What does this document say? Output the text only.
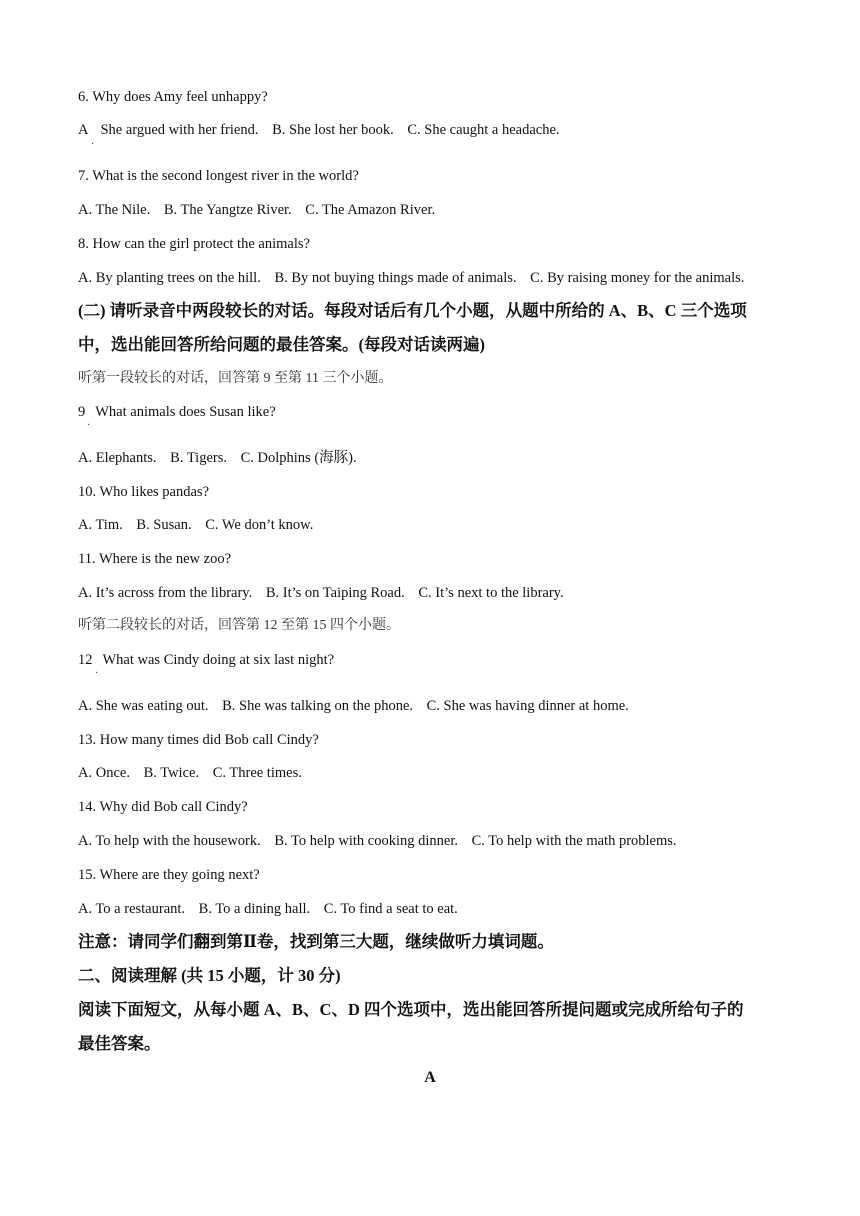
6. Why does Amy feel unhappy?
A She argued with her friend. B. She lost her book. C. She caught a headache.
·
7. What is the second longest river in the world?
A. The Nile. B. The Yangtze River. C. The Amazon River.
8. How can the girl protect the animals?
A. By planting trees on the hill. B. By not buying things made of animals. C. By raising money for the animals.
(二) 请听录音中两段较长的对话。每段对话后有几个小题，从题中所给的 A、B、C 三个选项
中，选出能回答所给问题的最佳答案。(每段对话读两遍)
听第一段较长的对话，回答第 9 至第 11 三个小题。
9 What animals does Susan like?
·
A. Elephants. B. Tigers. C. Dolphins (海豚).
10. Who likes pandas?
A. Tim. B. Susan. C. We don’t know.
11. Where is the new zoo?
A. It’s across from the library. B. It’s on Taiping Road. C. It’s next to the library.
听第二段较长的对话，回答第 12 至第 15 四个小题。
12 What was Cindy doing at six last night?
·
A. She was eating out. B. She was talking on the phone. C. She was having dinner at home.
13. How many times did Bob call Cindy?
A. Once. B. Twice. C. Three times.
14. Why did Bob call Cindy?
A. To help with the housework. B. To help with cooking dinner. C. To help with the math problems.
15. Where are they going next?
A. To a restaurant. B. To a dining hall. C. To find a seat to eat.
注意：请同学们翻到第Ⅱ卷，找到第三大题，继续做听力填词题。
二、阅读理解 (共 15 小题，计 30 分)
阅读下面短文，从每小题 A、B、C、D 四个选项中，选出能回答所提问题或完成所给句子的
最佳答案。
A
